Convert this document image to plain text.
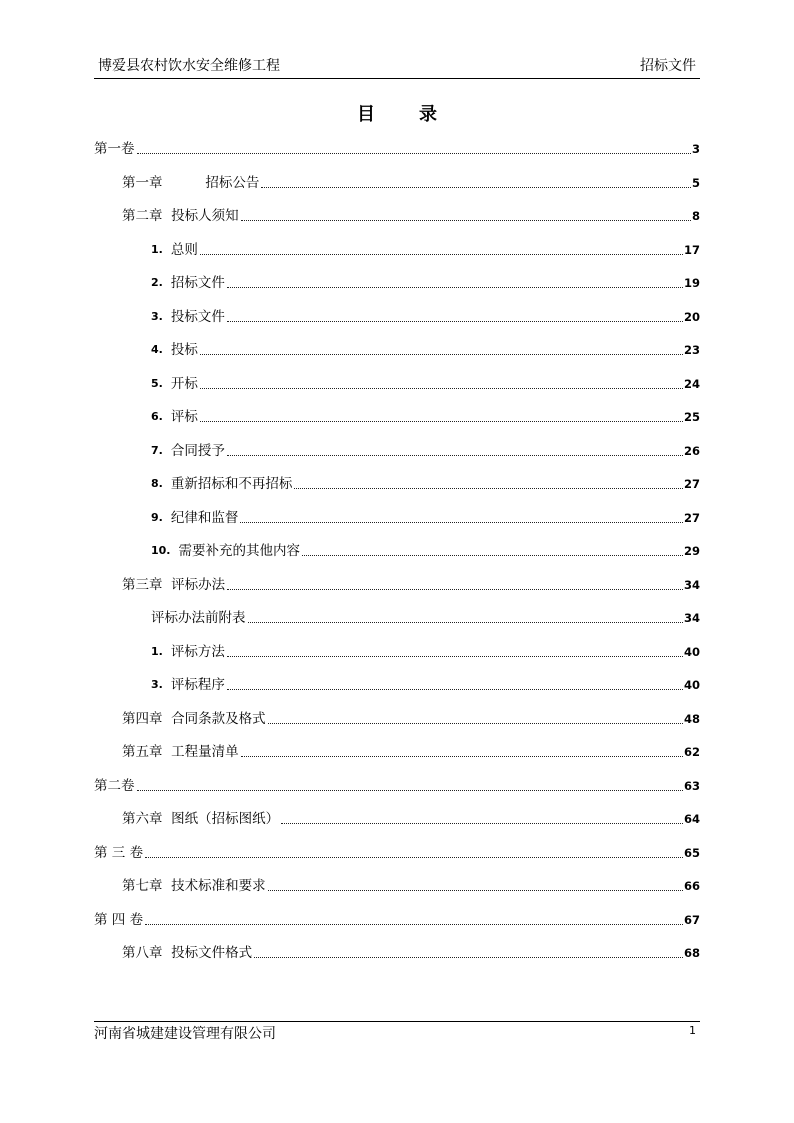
博爱县农村饮水安全维修工程	招标文件
目录
第一卷	3
第一章          招标公告	5
第二章  投标人须知	8
1. 总则	17
2. 招标文件	19
3. 投标文件	20
4. 投标	23
5. 开标	24
6. 评标	25
7. 合同授予	26
8. 重新招标和不再招标	27
9. 纪律和监督	27
10. 需要补充的其他内容	29
第三章  评标办法	34
评标办法前附表	34
1. 评标方法	40
3. 评标程序	40
第四章  合同条款及格式	48
第五章  工程量清单	62
第二卷	63
第六章  图纸（招标图纸）	64
第 三 卷	65
第七章  技术标准和要求	66
第 四 卷	67
第八章  投标文件格式	68
河南省城建建设管理有限公司	1
